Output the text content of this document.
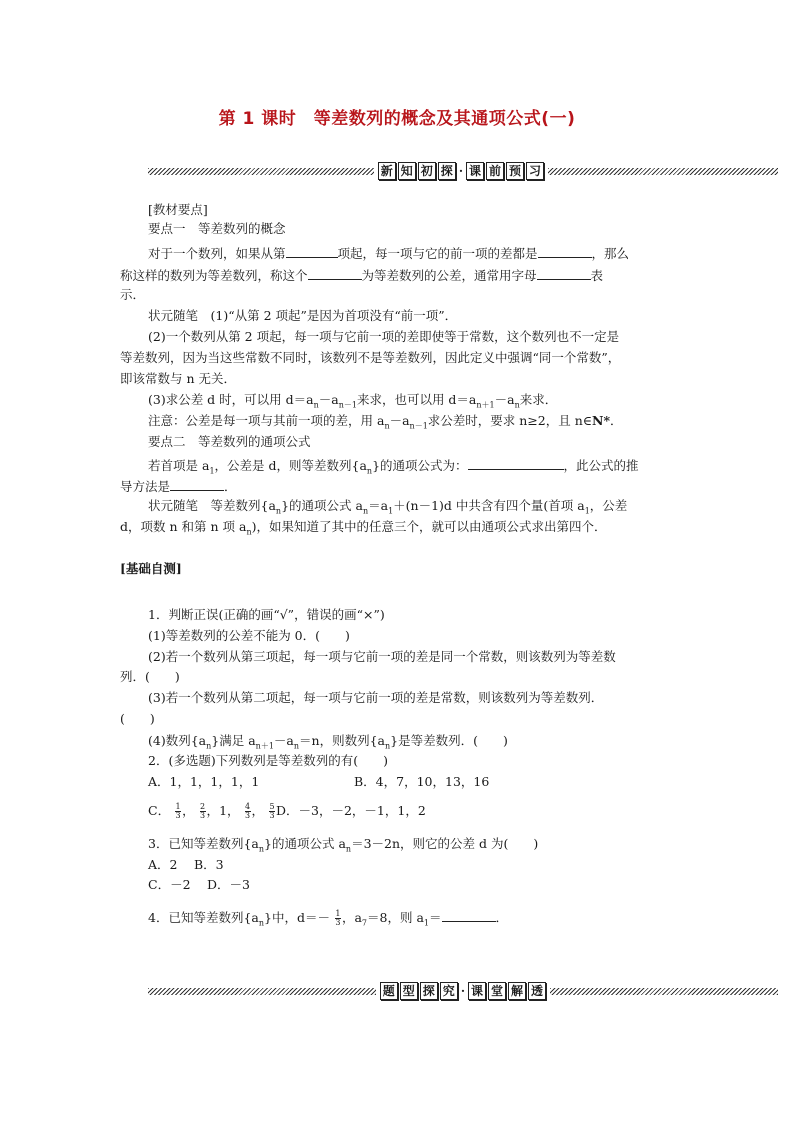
第 1 课时　等差数列的概念及其通项公式(一)
新 知 初 探 · 课 前 预 习
[教材要点]
要点一　等差数列的概念
对于一个数列，如果从第	项起，每一项与它的前一项的差都是	，那么
称这样的数列为等差数列，称这个	为等差数列的公差，通常用字母	表
示．
状元随笔　(1)“从第 2 项起”是因为首项没有“前一项”．
(2)一个数列从第 2 项起，每一项与它前一项的差即使等于常数，这个数列也不一定是
等差数列，因为当这些常数不同时，该数列不是等差数列，因此定义中强调“同一个常数”，
即该常数与 n 无关．
(3)求公差 d 时，可以用 $d=a_n-a_{n-1}$来求，也可以用 $d=a_{n+1}-a_n$来求．
注意：公差是每一项与其前一项的差，用 $a_n-a_{n-1}$求公差时，要求 n≥2，且 n∈N*．
要点二　等差数列的通项公式
若首项是 $a_1$，公差是 d，则等差数列$\{a_n\}$的通项公式为：	，此公式的推
导方法是	．
状元随笔　等差数列$\{a_n\}$的通项公式 $a_n=a_1+(n-1)d$ 中共含有四个量(首项 $a_1$，公差
d，项数 n 和第 n 项 $a_n$)，如果知道了其中的任意三个，就可以由通项公式求出第四个．
[基础自测]
1．判断正误(正确的画“√”，错误的画“×”)
(1)等差数列的公差不能为 0．(　　)
(2)若一个数列从第三项起，每一项与它前一项的差是同一个常数，则该数列为等差数
列．(　　)
(3)若一个数列从第二项起，每一项与它前一项的差是常数，则该数列为等差数列．
(　　)
(4)数列$\{a_n\}$满足 $a_{n+1}-a_n=n$，则数列$\{a_n\}$是等差数列．(　　)
2．(多选题)下列数列是等差数列的有(　　)
A．1，1，1，1，1	B．4，7，10，13，16
C． $\frac{1}{3}$ ， $\frac{2}{3}$ ，1， $\frac{4}{3}$ ， $\frac{5}{3}$ D．－3，－2，－1，1，2
3．已知等差数列$\{a_n\}$的通项公式 $a_n=3-2n$，则它的公差 d 为(　　)
A．2　 B．3
C．－2　 D．－3
4．已知等差数列$\{a_n\}$中，$d=- \frac{1}{3}$ ，$a_7=8$，则 $a_1=$	．
题 型 探 究 · 课 堂 解 透
